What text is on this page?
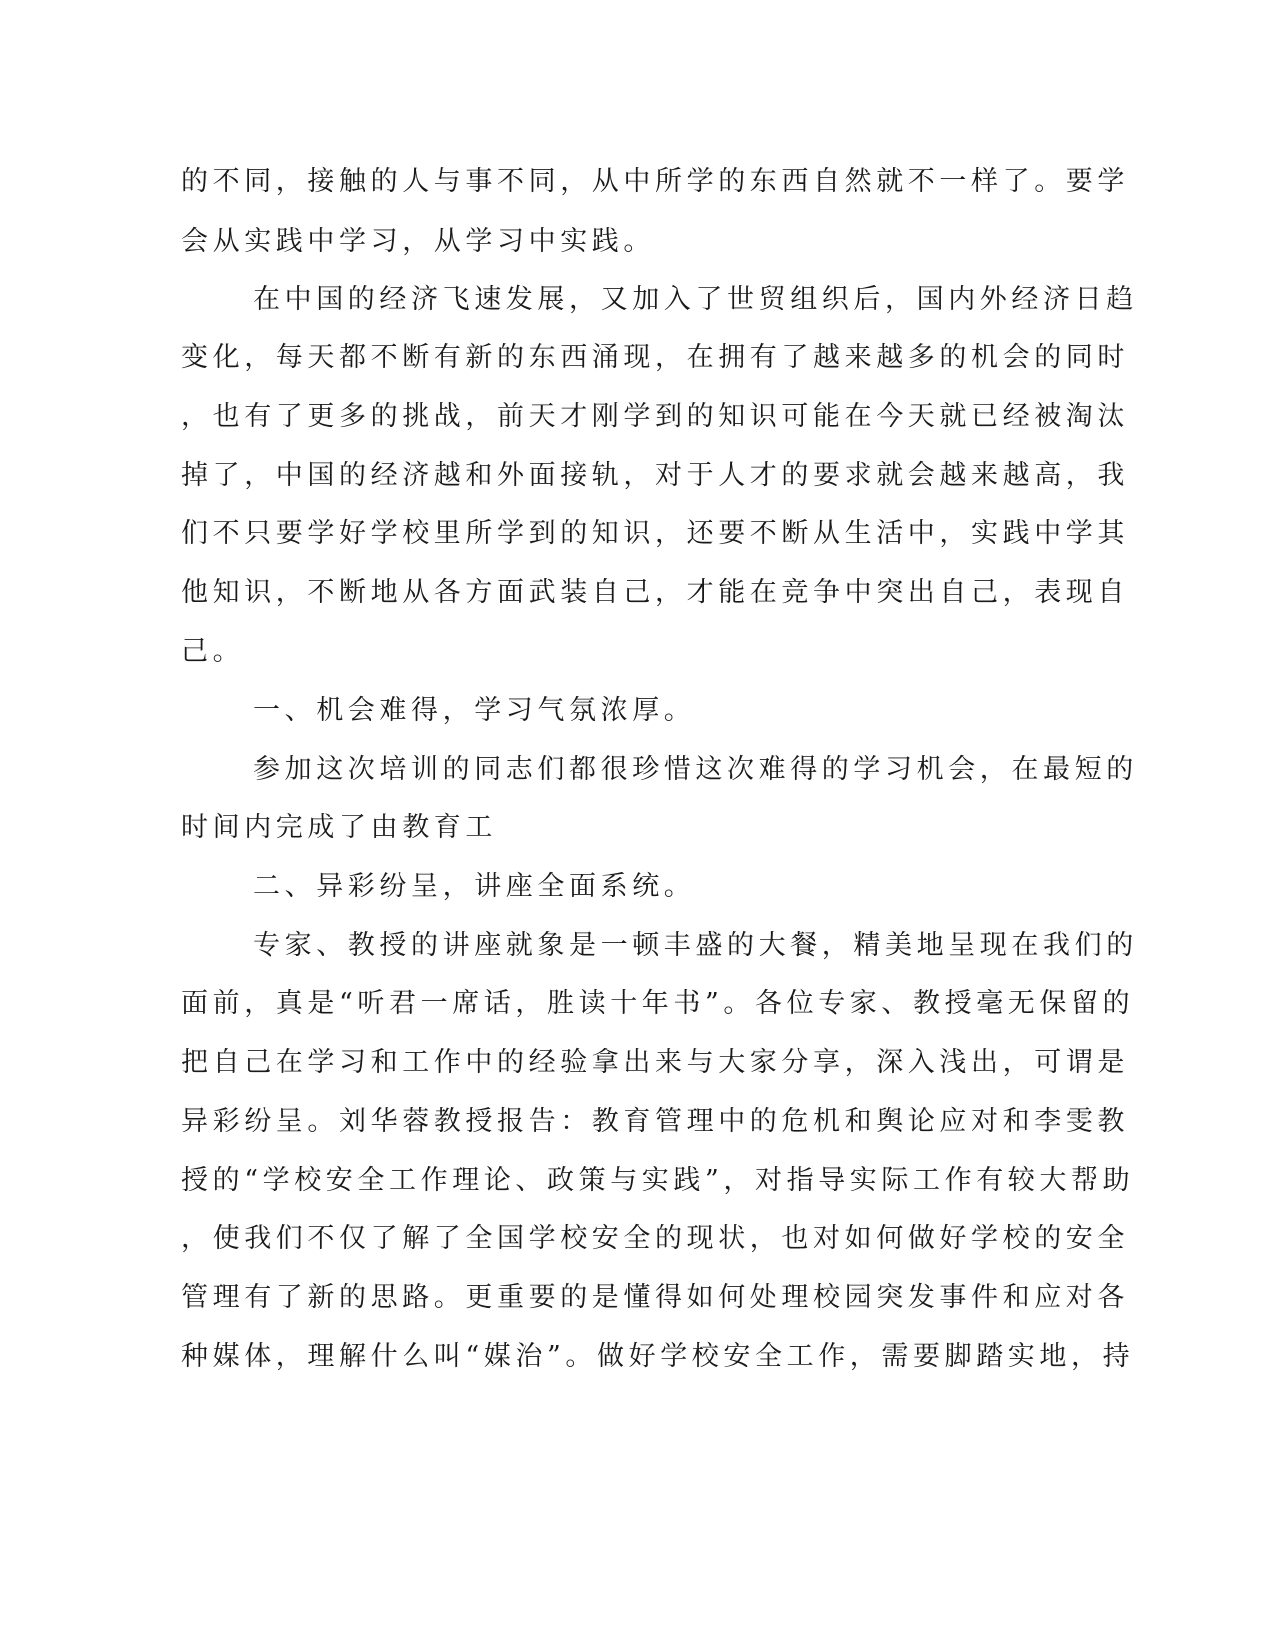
的不同，接触的人与事不同，从中所学的东西自然就不一样了。要学

会从实践中学习，从学习中实践。

在中国的经济飞速发展，又加入了世贸组织后，国内外经济日趋

变化，每天都不断有新的东西涌现，在拥有了越来越多的机会的同时

，也有了更多的挑战，前天才刚学到的知识可能在今天就已经被淘汰

掉了，中国的经济越和外面接轨，对于人才的要求就会越来越高，我

们不只要学好学校里所学到的知识，还要不断从生活中，实践中学其

他知识，不断地从各方面武装自己，才能在竞争中突出自己，表现自

己。

一、机会难得，学习气氛浓厚。

参加这次培训的同志们都很珍惜这次难得的学习机会，在最短的

时间内完成了由教育工

二、异彩纷呈，讲座全面系统。

专家、教授的讲座就象是一顿丰盛的大餐，精美地呈现在我们的

面前，真是“听君一席话，胜读十年书”。各位专家、教授毫无保留的

把自己在学习和工作中的经验拿出来与大家分享，深入浅出，可谓是

异彩纷呈。刘华蓉教授报告：教育管理中的危机和舆论应对和李雯教

授的“学校安全工作理论、政策与实践”，对指导实际工作有较大帮助

，使我们不仅了解了全国学校安全的现状，也对如何做好学校的安全

管理有了新的思路。更重要的是懂得如何处理校园突发事件和应对各

种媒体，理解什么叫“媒治”。做好学校安全工作，需要脚踏实地，持
